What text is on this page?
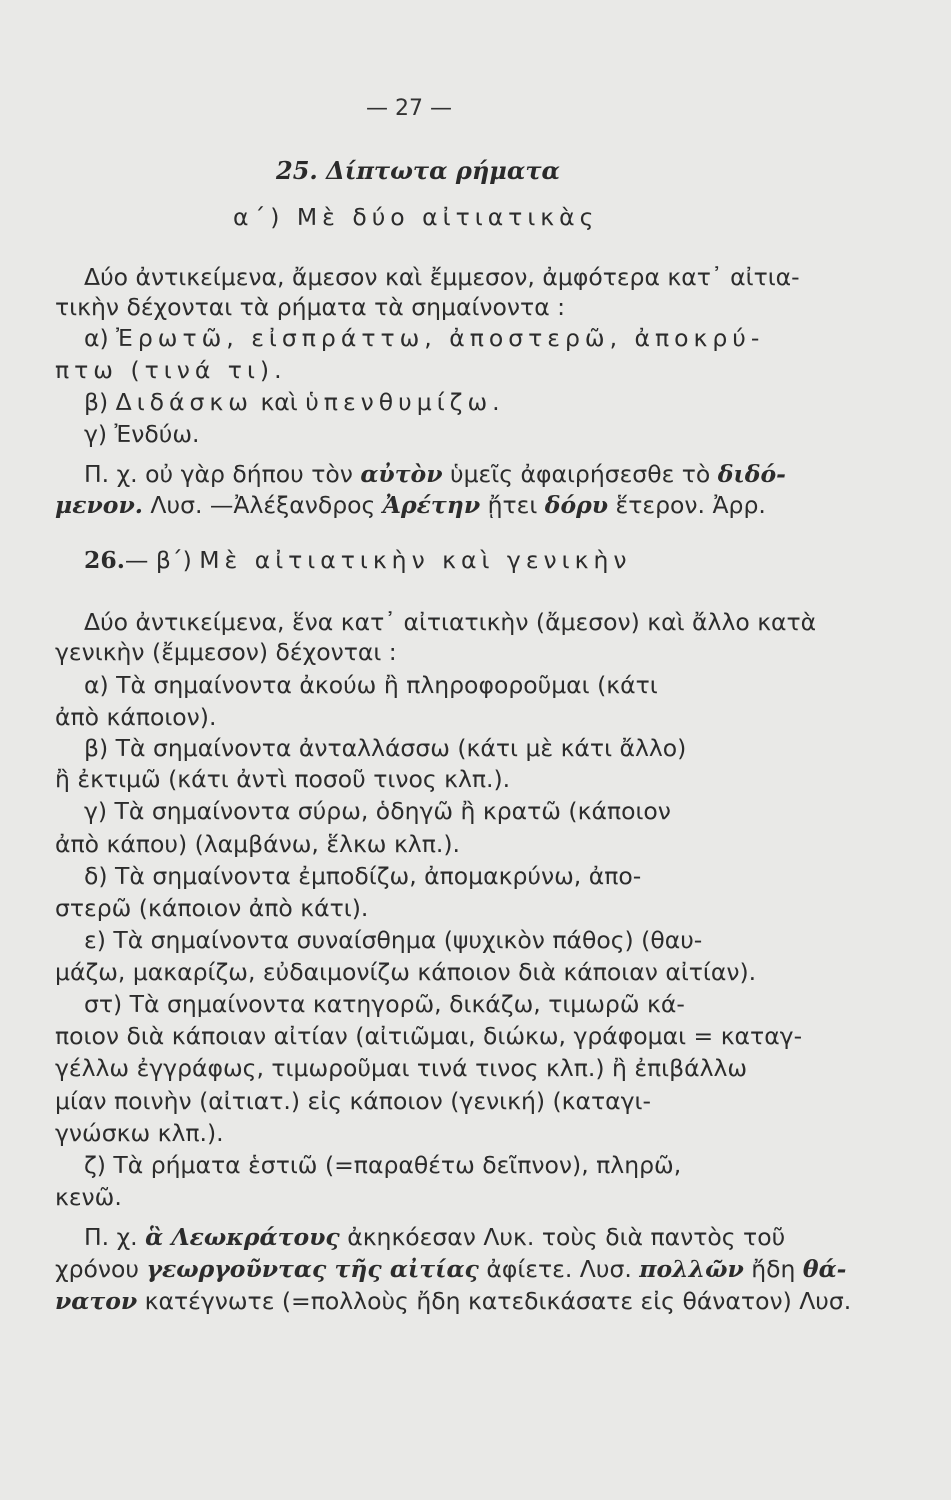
— 27 —
25. Δίπτωτα ρήματα
α΄) Μὲ δύο αἰτιατικὰς
Δύο ἀντικείμενα, ἄμεσον καὶ ἔμμεσον, ἀμφότερα κατ᾽ αἰτια-
τικὴν δέχονται τὰ ρήματα τὰ σημαίνοντα :
α) Ἐρωτῶ, εἰσπράττω, ἀποστερῶ, ἀποκρύ-
πτω (τινά τι).
β) Διδάσκω καὶ ὑπενθυμίζω.
γ) Ἐνδύω.
Π. χ. οὐ γὰρ δήπου τὸν αὐτὸν ὑμεῖς ἀφαιρήσεσθε τὸ διδό-
μενον. Λυσ. —Ἀλέξανδρος Ἀρέτην ᾔτει δόρυ ἕτερον. Ἀρρ.
26.— β΄) Μὲ αἰτιατικὴν καὶ γενικὴν
Δύο ἀντικείμενα, ἕνα κατ᾽ αἰτιατικὴν (ἄμεσον) καὶ ἄλλο κατὰ
γενικὴν (ἔμμεσον) δέχονται :
α) Τὰ σημαίνοντα ἀκούω ἢ πληροφοροῦμαι (κάτι
ἀπὸ κάποιον).
β) Τὰ σημαίνοντα ἀνταλλάσσω (κάτι μὲ κάτι ἄλλο)
ἢ ἐκτιμῶ (κάτι ἀντὶ ποσοῦ τινος κλπ.).
γ) Τὰ σημαίνοντα σύρω, ὁδηγῶ ἢ κρατῶ (κάποιον
ἀπὸ κάπου) (λαμβάνω, ἕλκω κλπ.).
δ) Τὰ σημαίνοντα ἐμποδίζω, ἀπομακρύνω, ἀπο-
στερῶ (κάποιον ἀπὸ κάτι).
ε) Τὰ σημαίνοντα συναίσθημα (ψυχικὸν πάθος) (θαυ-
μάζω, μακαρίζω, εὐδαιμονίζω κάποιον διὰ κάποιαν αἰτίαν).
στ) Τὰ σημαίνοντα κατηγορῶ, δικάζω, τιμωρῶ κά-
ποιον διὰ κάποιαν αἰτίαν (αἰτιῶμαι, διώκω, γράφομαι = καταγ-
γέλλω ἐγγράφως, τιμωροῦμαι τινά τινος κλπ.) ἢ ἐπιβάλλω
μίαν ποινὴν (αἰτιατ.) εἰς κάποιον (γενική) (καταγι-
γνώσκω κλπ.).
ζ) Τὰ ρήματα ἑστιῶ (=παραθέτω δεῖπνον), πληρῶ,
κενῶ.
Π. χ. ἃ Λεωκράτους ἀκηκόεσαν Λυκ. τοὺς διὰ παντὸς τοῦ
χρόνου γεωργοῦντας τῆς αἰτίας ἀφίετε. Λυσ. πολλῶν ἤδη θά-
νατον κατέγνωτε (=πολλοὺς ἤδη κατεδικάσατε εἰς θάνατον) Λυσ.
